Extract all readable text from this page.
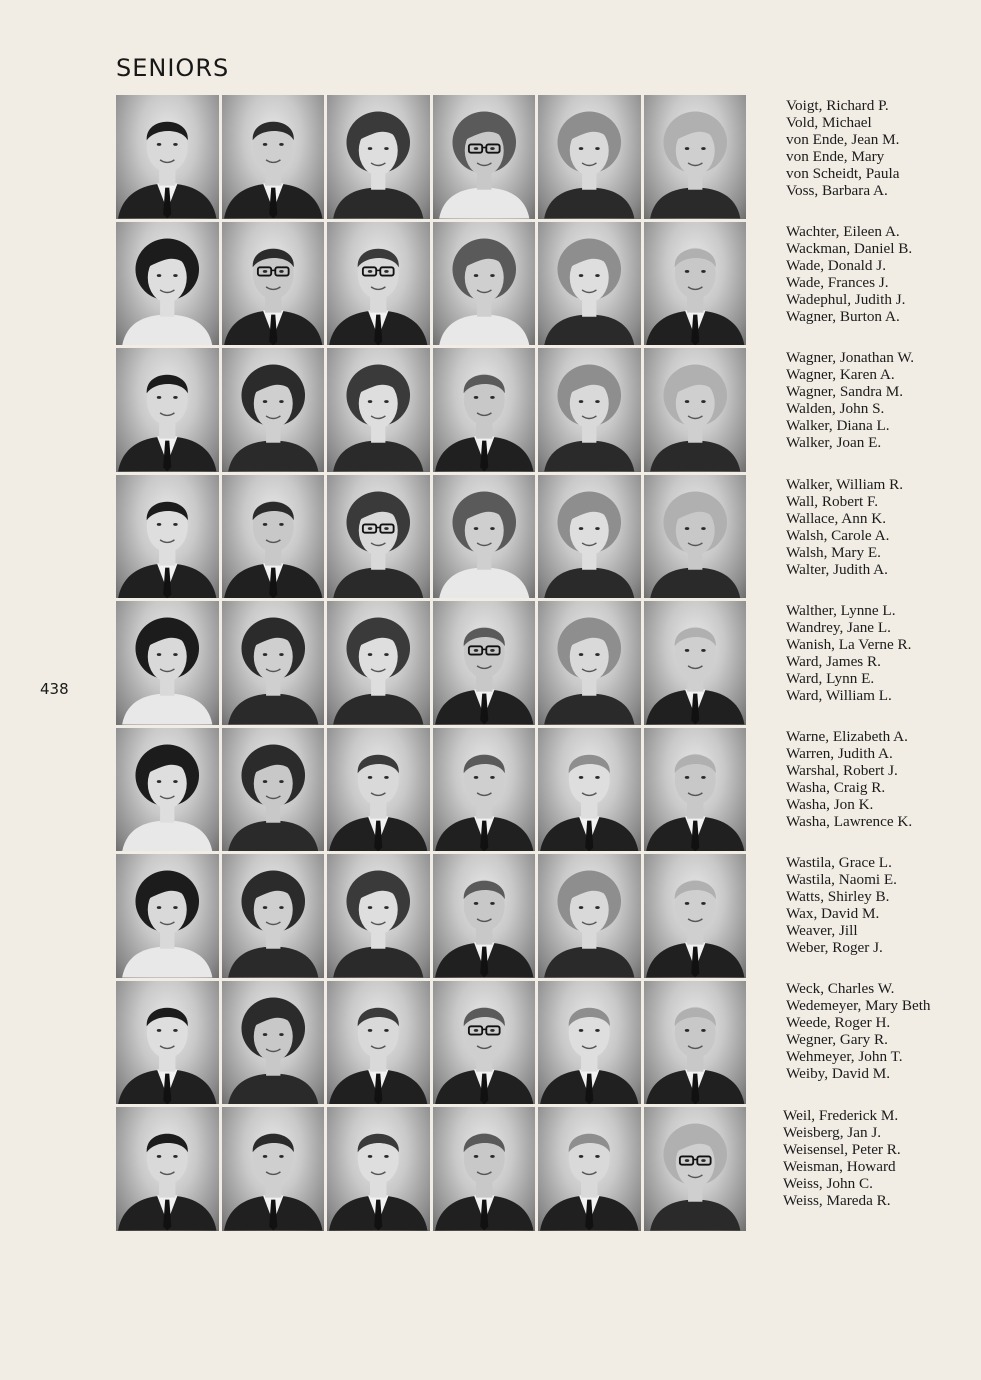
SENIORS
438
Voigt, Richard P.
Vold, Michael
von Ende, Jean M.
von Ende, Mary
von Scheidt, Paula
Voss, Barbara A.
Wachter, Eileen A.
Wackman, Daniel B.
Wade, Donald J.
Wade, Frances J.
Wadephul, Judith J.
Wagner, Burton A.
Wagner, Jonathan W.
Wagner, Karen A.
Wagner, Sandra M.
Walden, John S.
Walker, Diana L.
Walker, Joan E.
Walker, William R.
Wall, Robert F.
Wallace, Ann K.
Walsh, Carole A.
Walsh, Mary E.
Walter, Judith A.
Walther, Lynne L.
Wandrey, Jane L.
Wanish, La Verne R.
Ward, James R.
Ward, Lynn E.
Ward, William L.
Warne, Elizabeth A.
Warren, Judith A.
Warshal, Robert J.
Washa, Craig R.
Washa, Jon K.
Washa, Lawrence K.
Wastila, Grace L.
Wastila, Naomi E.
Watts, Shirley B.
Wax, David M.
Weaver, Jill
Weber, Roger J.
Weck, Charles W.
Wedemeyer, Mary Beth
Weede, Roger H.
Wegner, Gary R.
Wehmeyer, John T.
Weiby, David M.
Weil, Frederick M.
Weisberg, Jan J.
Weisensel, Peter R.
Weisman, Howard
Weiss, John C.
Weiss, Mareda R.
